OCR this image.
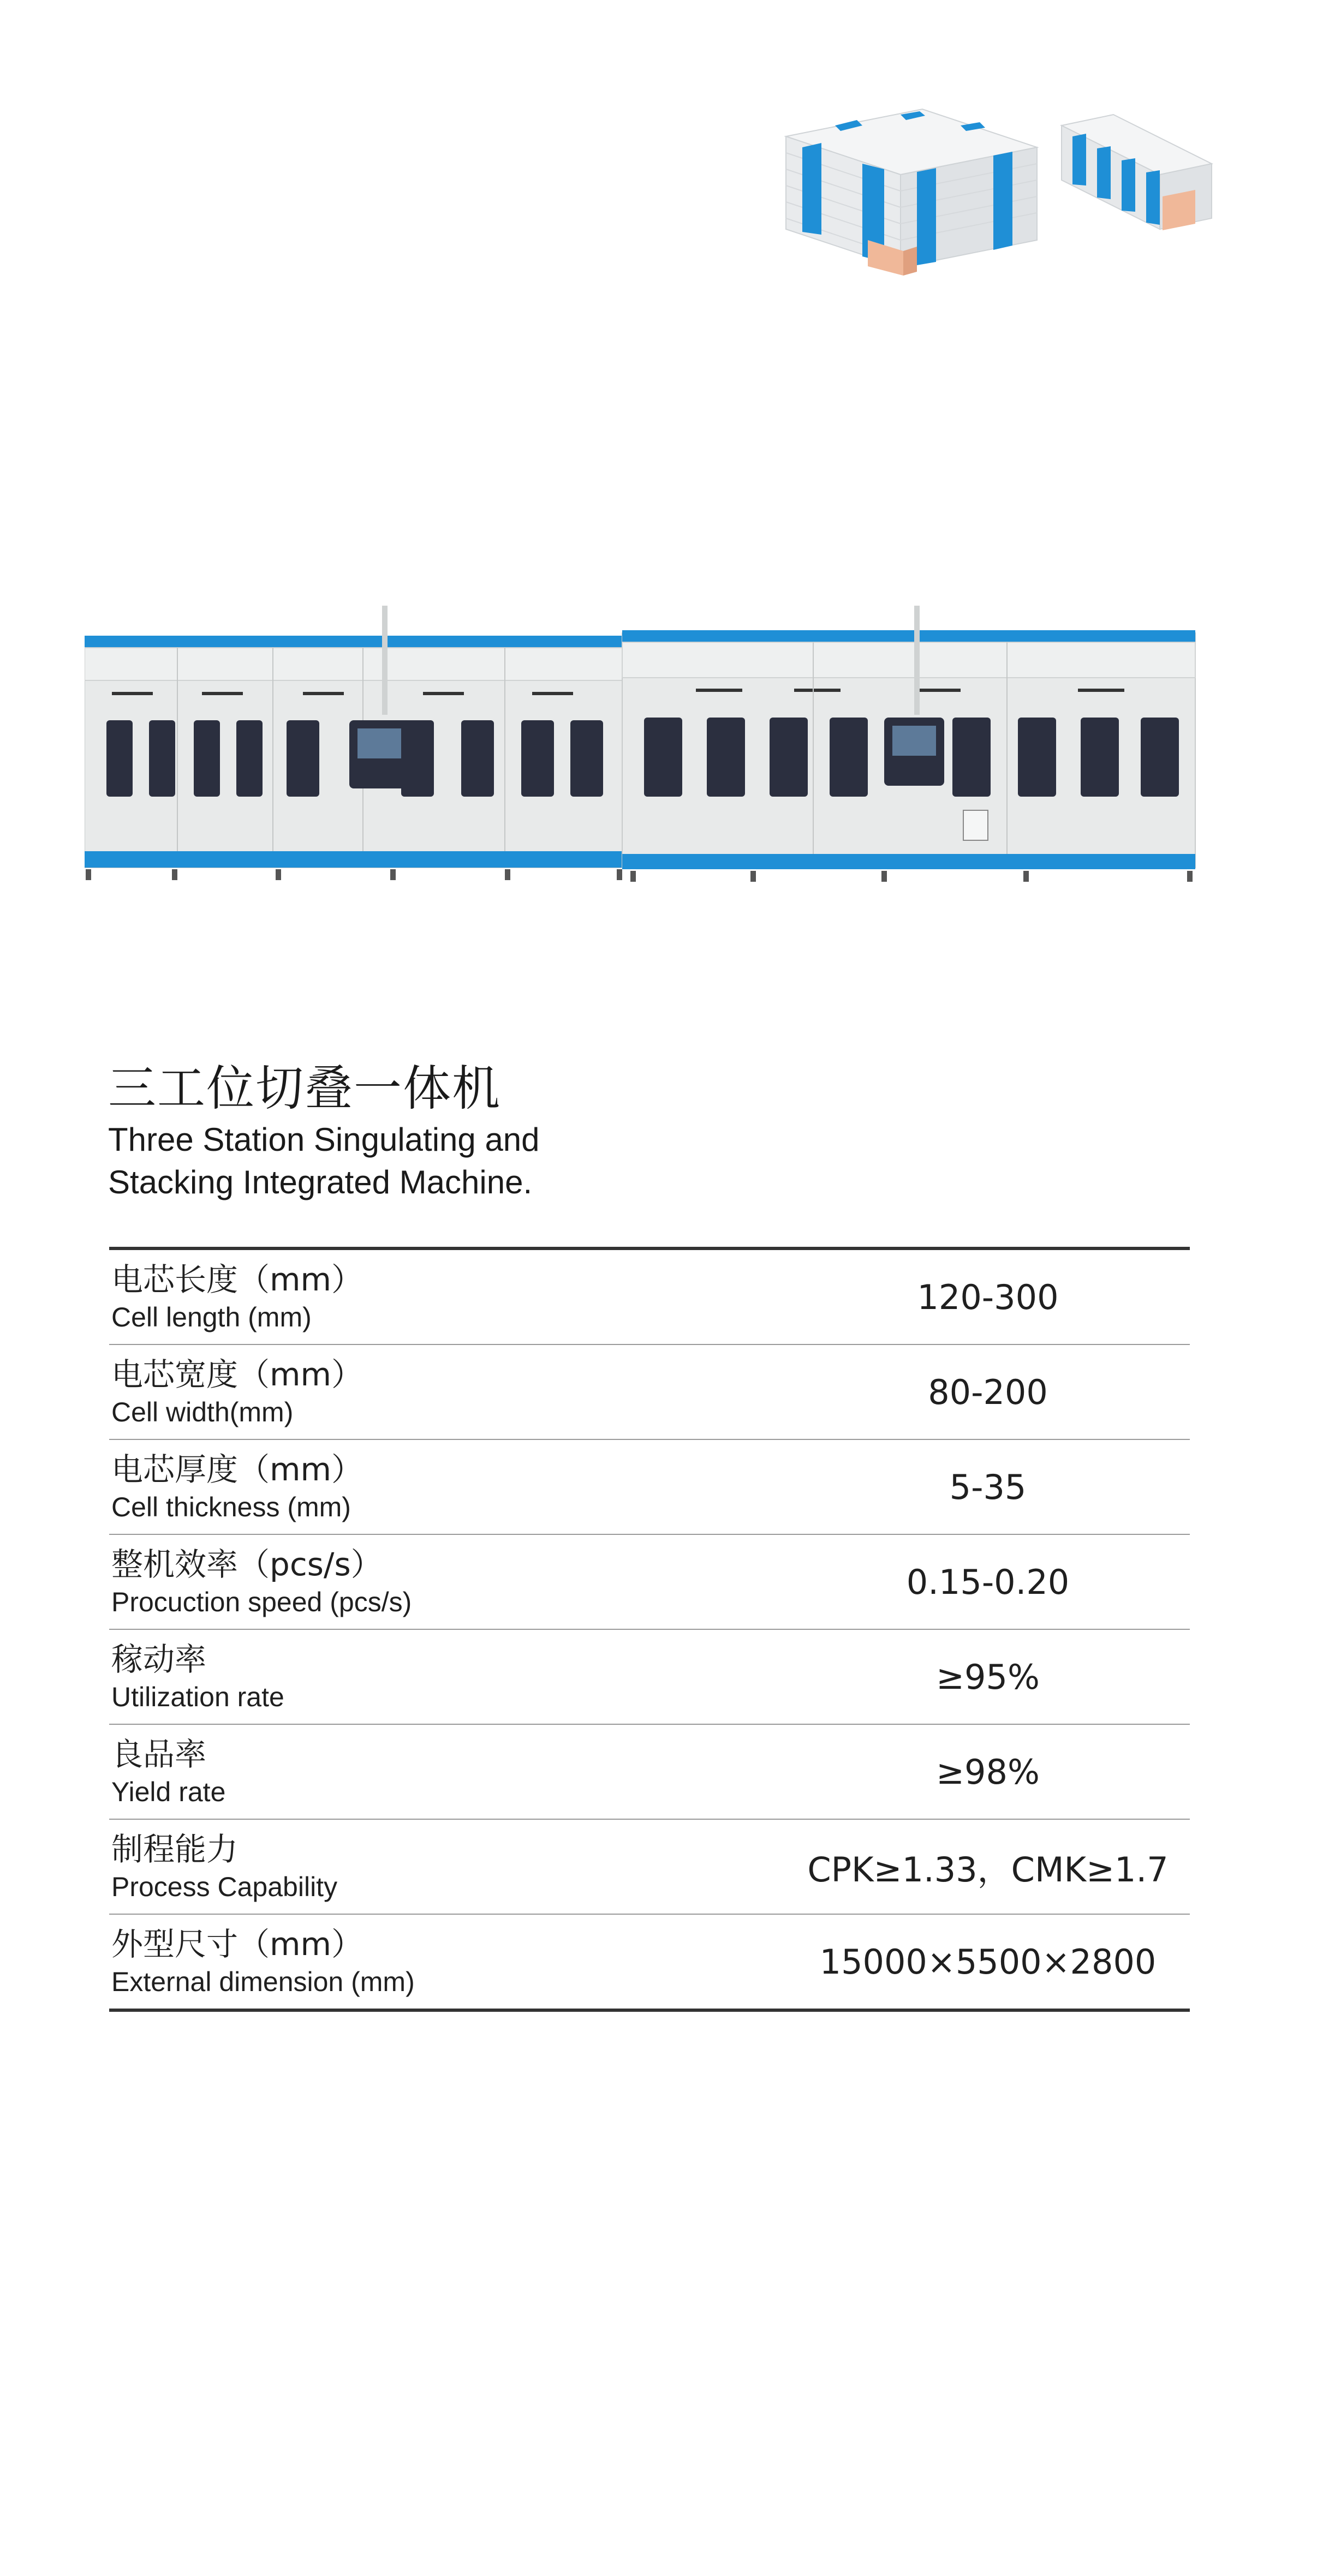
三工位切叠一体机
Three Station Singulating and
Stacking Integrated Machine.
电芯长度（mm）
Cell length (mm)
120-300
电芯宽度（mm）
Cell width(mm)
80-200
电芯厚度（mm）
Cell thickness (mm)
5-35
整机效率（pcs/s）
Procuction speed (pcs/s)
0.15-0.20
稼动率
Utilization rate
≥95%
良品率
Yield rate
≥98%
制程能力
Process Capability	CPK≥1.33，CMK≥1.7
外型尺寸（mm）
External dimension (mm)
15000×5500×2800
